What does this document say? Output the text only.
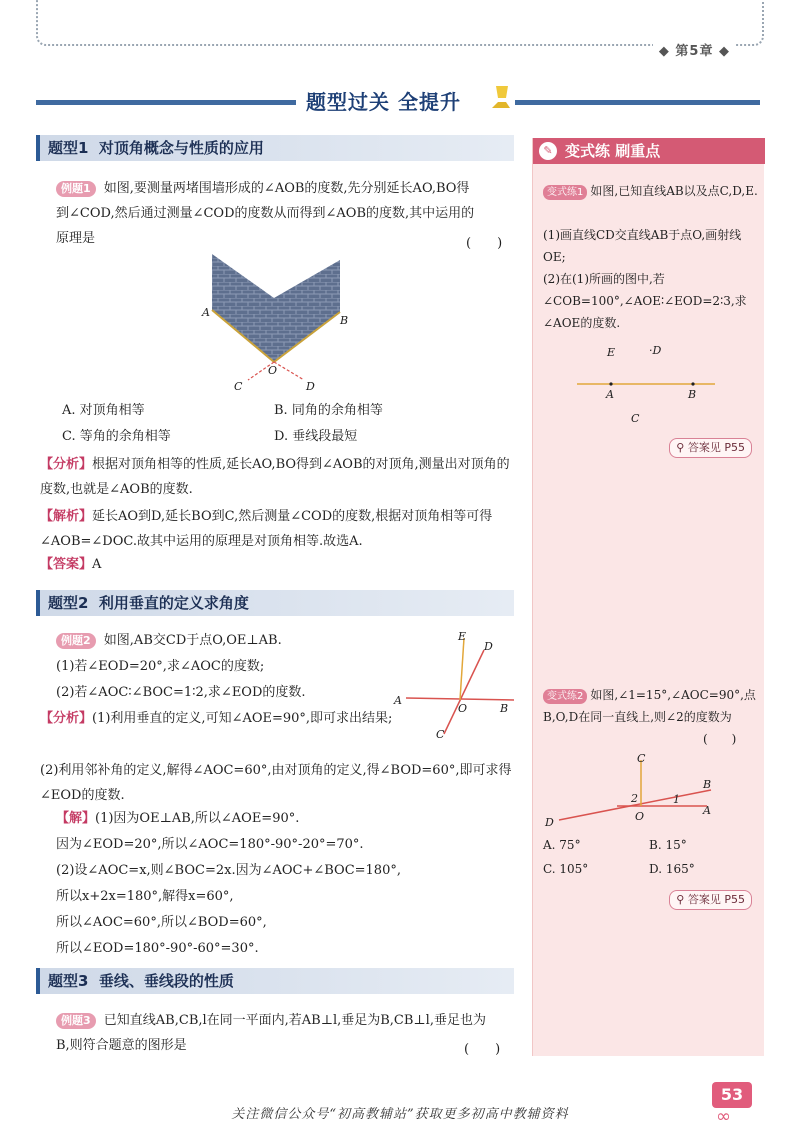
◆ 第5章 ◆
题型过关 全提升
题型1 对顶角概念与性质的应用
例题1 如图,要测量两堵围墙形成的∠AOB的度数,先分别延长AO,BO得到∠COD,然后通过测量∠COD的度数从而得到∠AOB的度数,其中运用的原理是	(　　)
A
B
O
C	D
A. 对顶角相等	B. 同角的余角相等
C. 等角的余角相等	D. 垂线段最短
【分析】根据对顶角相等的性质,延长AO,BO得到∠AOB的对顶角,测量出对顶角的度数,也就是∠AOB的度数.
【解析】延长AO到D,延长BO到C,然后测量∠COD的度数,根据对顶角相等可得∠AOB=∠DOC.故其中运用的原理是对顶角相等.故选A.
【答案】A
题型2 利用垂直的定义求角度
例题2 如图,AB交CD于点O,OE⊥AB.
(1)若∠EOD=20°,求∠AOC的度数;
(2)若∠AOC∶∠BOC=1∶2,求∠EOD的度数.
【分析】(1)利用垂直的定义,可知∠AOE=90°,即可求出结果;
(2)利用邻补角的定义,解得∠AOC=60°,由对顶角的定义,得∠BOD=60°,即可求得∠EOD的度数.
【解】(1)因为OE⊥AB,所以∠AOE=90°.
因为∠EOD=20°,所以∠AOC=180°-90°-20°=70°.
(2)设∠AOC=x,则∠BOC=2x.因为∠AOC+∠BOC=180°,
所以x+2x=180°,解得x=60°,
所以∠AOC=60°,所以∠BOD=60°,
所以∠EOD=180°-90°-60°=30°.
E
D
A
O	B
C
题型3 垂线、垂线段的性质
例题3 已知直线AB,CB,l在同一平面内,若AB⊥l,垂足为B,CB⊥l,垂足也为B,则符合题意的图形是	(　　)
✎ 变式练 刷重点
变式练1 如图,已知直线AB以及点C,D,E.
(1)画直线CD交直线AB于点O,画射线OE;
(2)在(1)所画的图中,若∠COB=100°,∠AOE∶∠EOD=2∶3,求∠AOE的度数.
E	·D
A	B
C
⚲ 答案见 P55
变式练2 如图,∠1=15°,∠AOC=90°,点B,O,D在同一直线上,则∠2的度数为
(　　)
C
B
A
O
2	1
D
A. 75°	B. 15°
C. 105°	D. 165°
⚲ 答案见 P55
53
∞
关注微信公众号“初高教辅站”获取更多初高中教辅资料
